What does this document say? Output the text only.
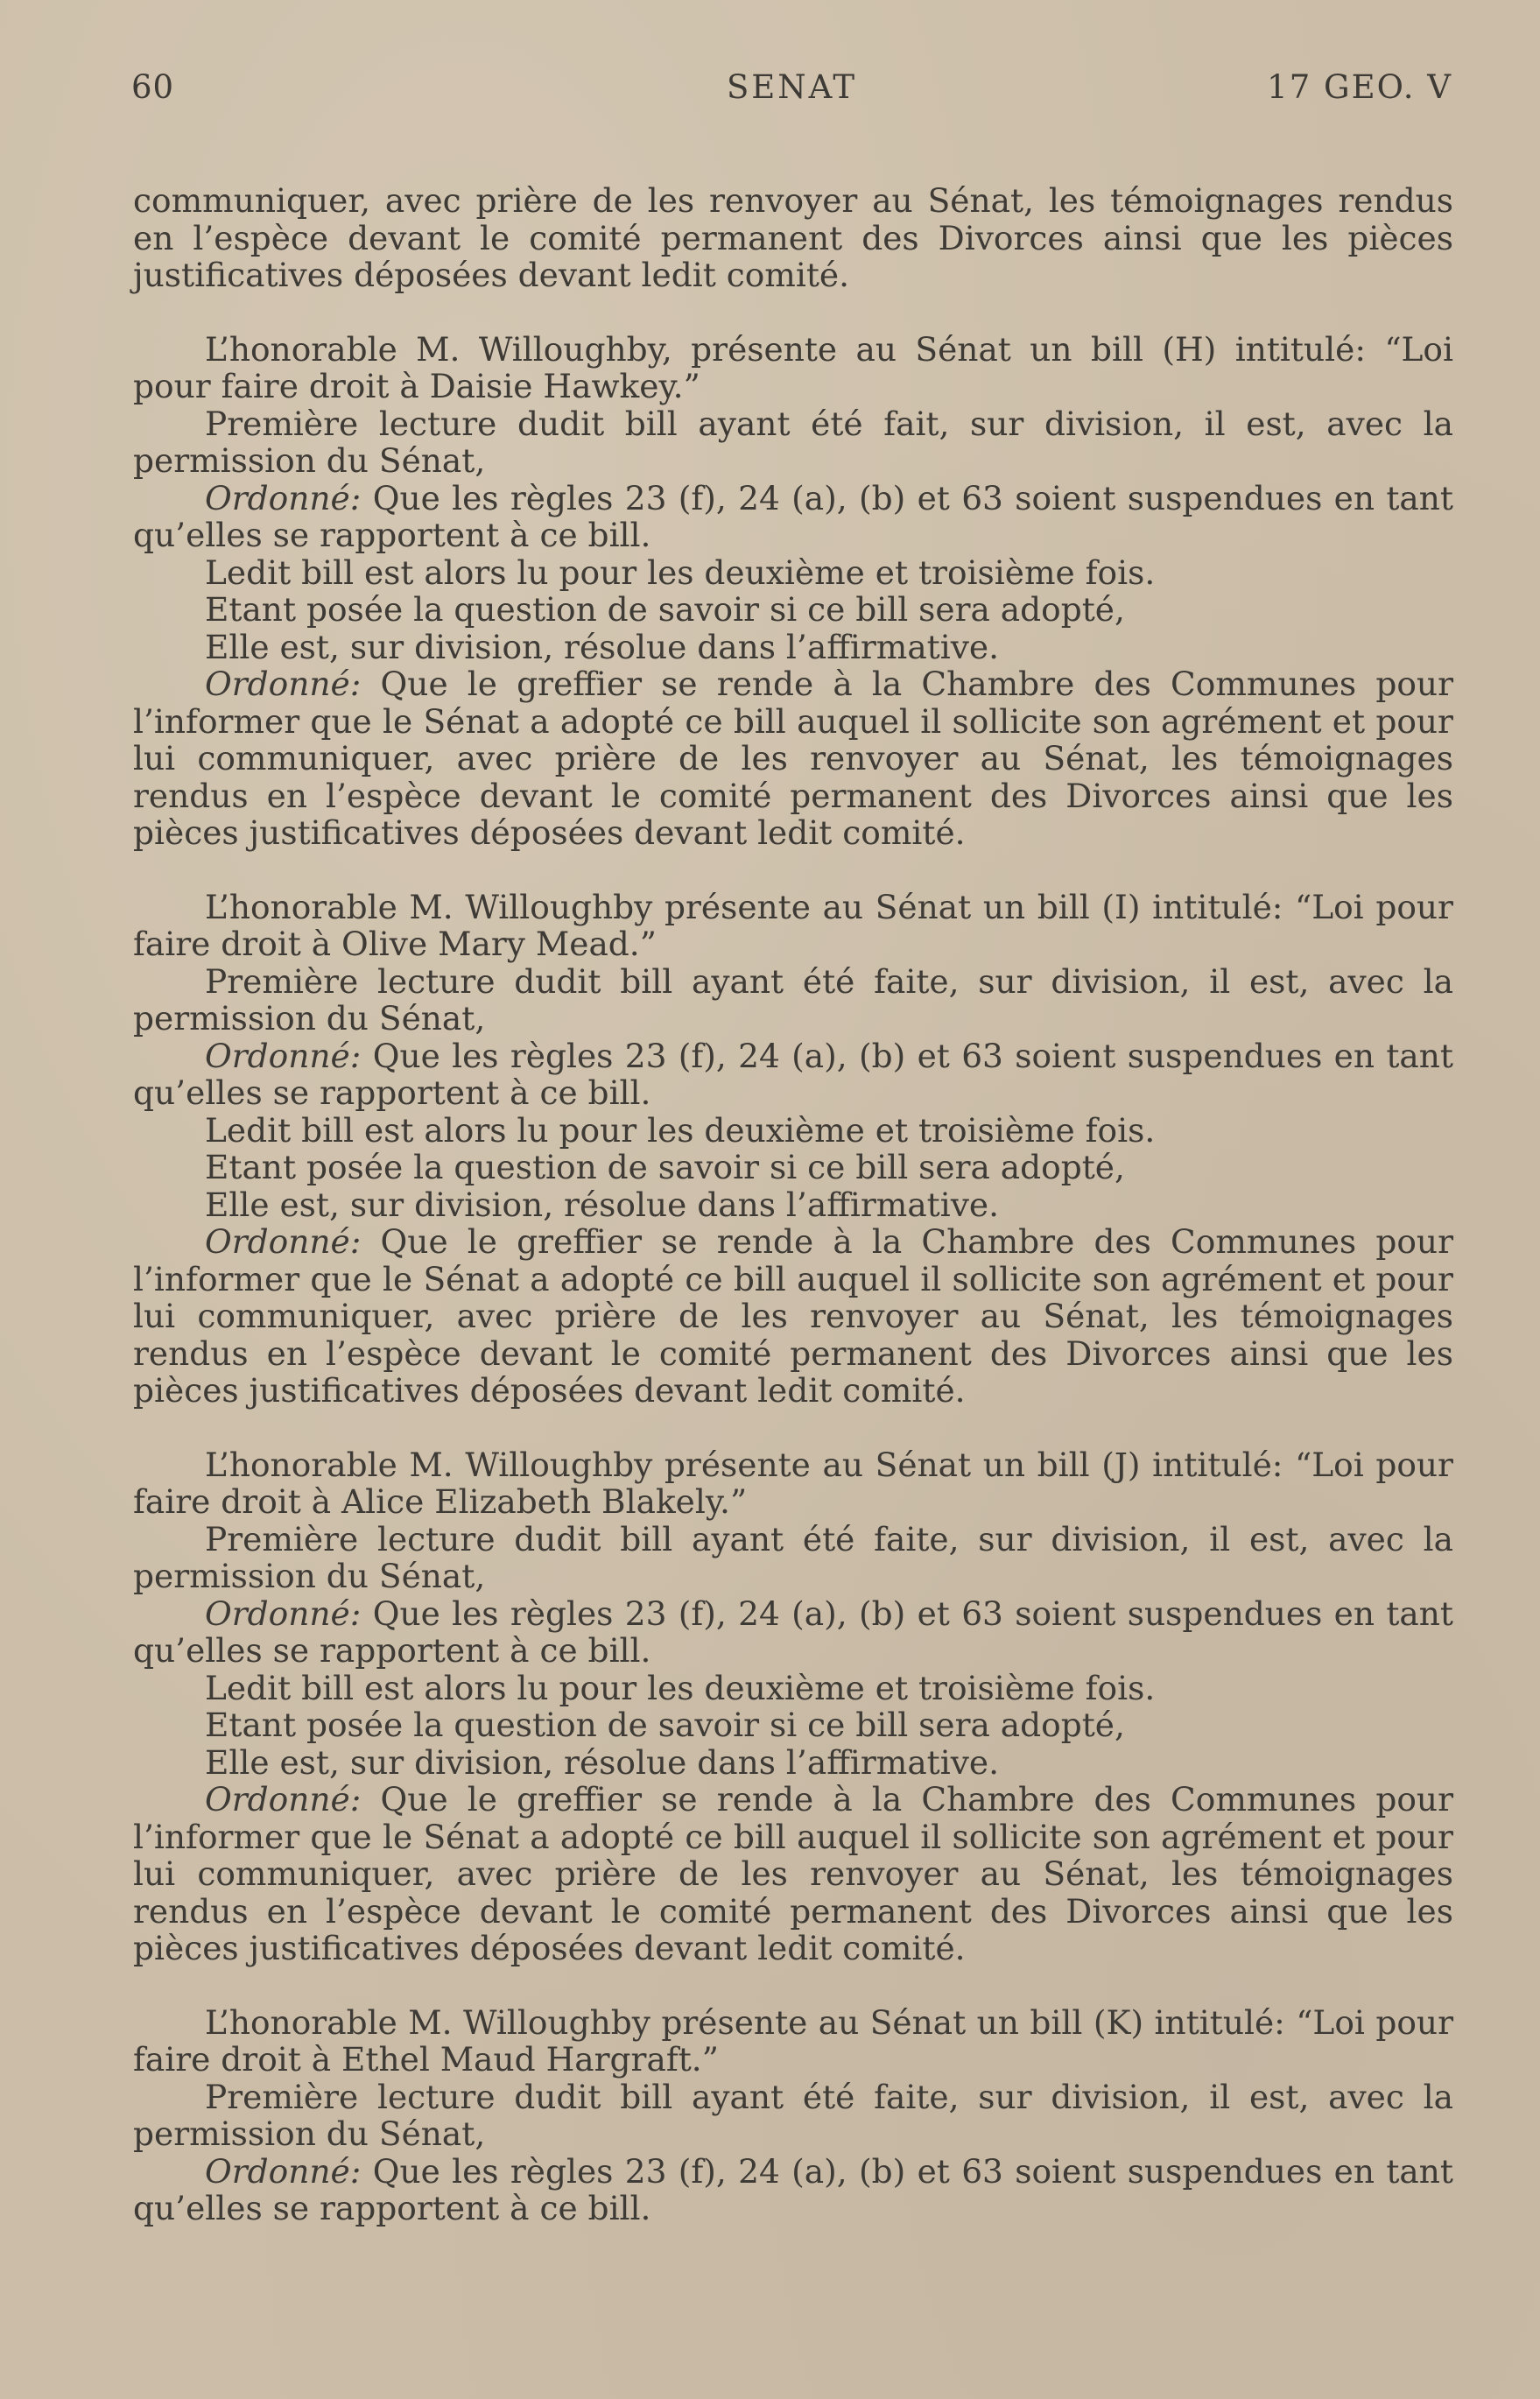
60	SENAT	17 GEO. V

communiquer, avec prière de les renvoyer au Sénat, les témoignages rendus en l’espèce devant le comité permanent des Divorces ainsi que les pièces justificatives déposées devant ledit comité.

L’honorable M. Willoughby, présente au Sénat un bill (H) intitulé: “Loi pour faire droit à Daisie Hawkey.”

Première lecture dudit bill ayant été fait, sur division, il est, avec la permission du Sénat,

Ordonné: Que les règles 23 (f), 24 (a), (b) et 63 soient suspendues en tant qu’elles se rapportent à ce bill.

Ledit bill est alors lu pour les deuxième et troisième fois.

Etant posée la question de savoir si ce bill sera adopté,

Elle est, sur division, résolue dans l’affirmative.

Ordonné: Que le greffier se rende à la Chambre des Communes pour l’informer que le Sénat a adopté ce bill auquel il sollicite son agrément et pour lui communiquer, avec prière de les renvoyer au Sénat, les témoignages rendus en l’espèce devant le comité permanent des Divorces ainsi que les pièces justificatives déposées devant ledit comité.

L’honorable M. Willoughby présente au Sénat un bill (I) intitulé: “Loi pour faire droit à Olive Mary Mead.”

Première lecture dudit bill ayant été faite, sur division, il est, avec la permission du Sénat,

Ordonné: Que les règles 23 (f), 24 (a), (b) et 63 soient suspendues en tant qu’elles se rapportent à ce bill.

Ledit bill est alors lu pour les deuxième et troisième fois.

Etant posée la question de savoir si ce bill sera adopté,

Elle est, sur division, résolue dans l’affirmative.

Ordonné: Que le greffier se rende à la Chambre des Communes pour l’informer que le Sénat a adopté ce bill auquel il sollicite son agrément et pour lui communiquer, avec prière de les renvoyer au Sénat, les témoignages rendus en l’espèce devant le comité permanent des Divorces ainsi que les pièces justificatives déposées devant ledit comité.

L’honorable M. Willoughby présente au Sénat un bill (J) intitulé: “Loi pour faire droit à Alice Elizabeth Blakely.”

Première lecture dudit bill ayant été faite, sur division, il est, avec la permission du Sénat,

Ordonné: Que les règles 23 (f), 24 (a), (b) et 63 soient suspendues en tant qu’elles se rapportent à ce bill.

Ledit bill est alors lu pour les deuxième et troisième fois.

Etant posée la question de savoir si ce bill sera adopté,

Elle est, sur division, résolue dans l’affirmative.

Ordonné: Que le greffier se rende à la Chambre des Communes pour l’informer que le Sénat a adopté ce bill auquel il sollicite son agrément et pour lui communiquer, avec prière de les renvoyer au Sénat, les témoignages rendus en l’espèce devant le comité permanent des Divorces ainsi que les pièces justificatives déposées devant ledit comité.

L’honorable M. Willoughby présente au Sénat un bill (K) intitulé: “Loi pour faire droit à Ethel Maud Hargraft.”

Première lecture dudit bill ayant été faite, sur division, il est, avec la permission du Sénat,

Ordonné: Que les règles 23 (f), 24 (a), (b) et 63 soient suspendues en tant qu’elles se rapportent à ce bill.
